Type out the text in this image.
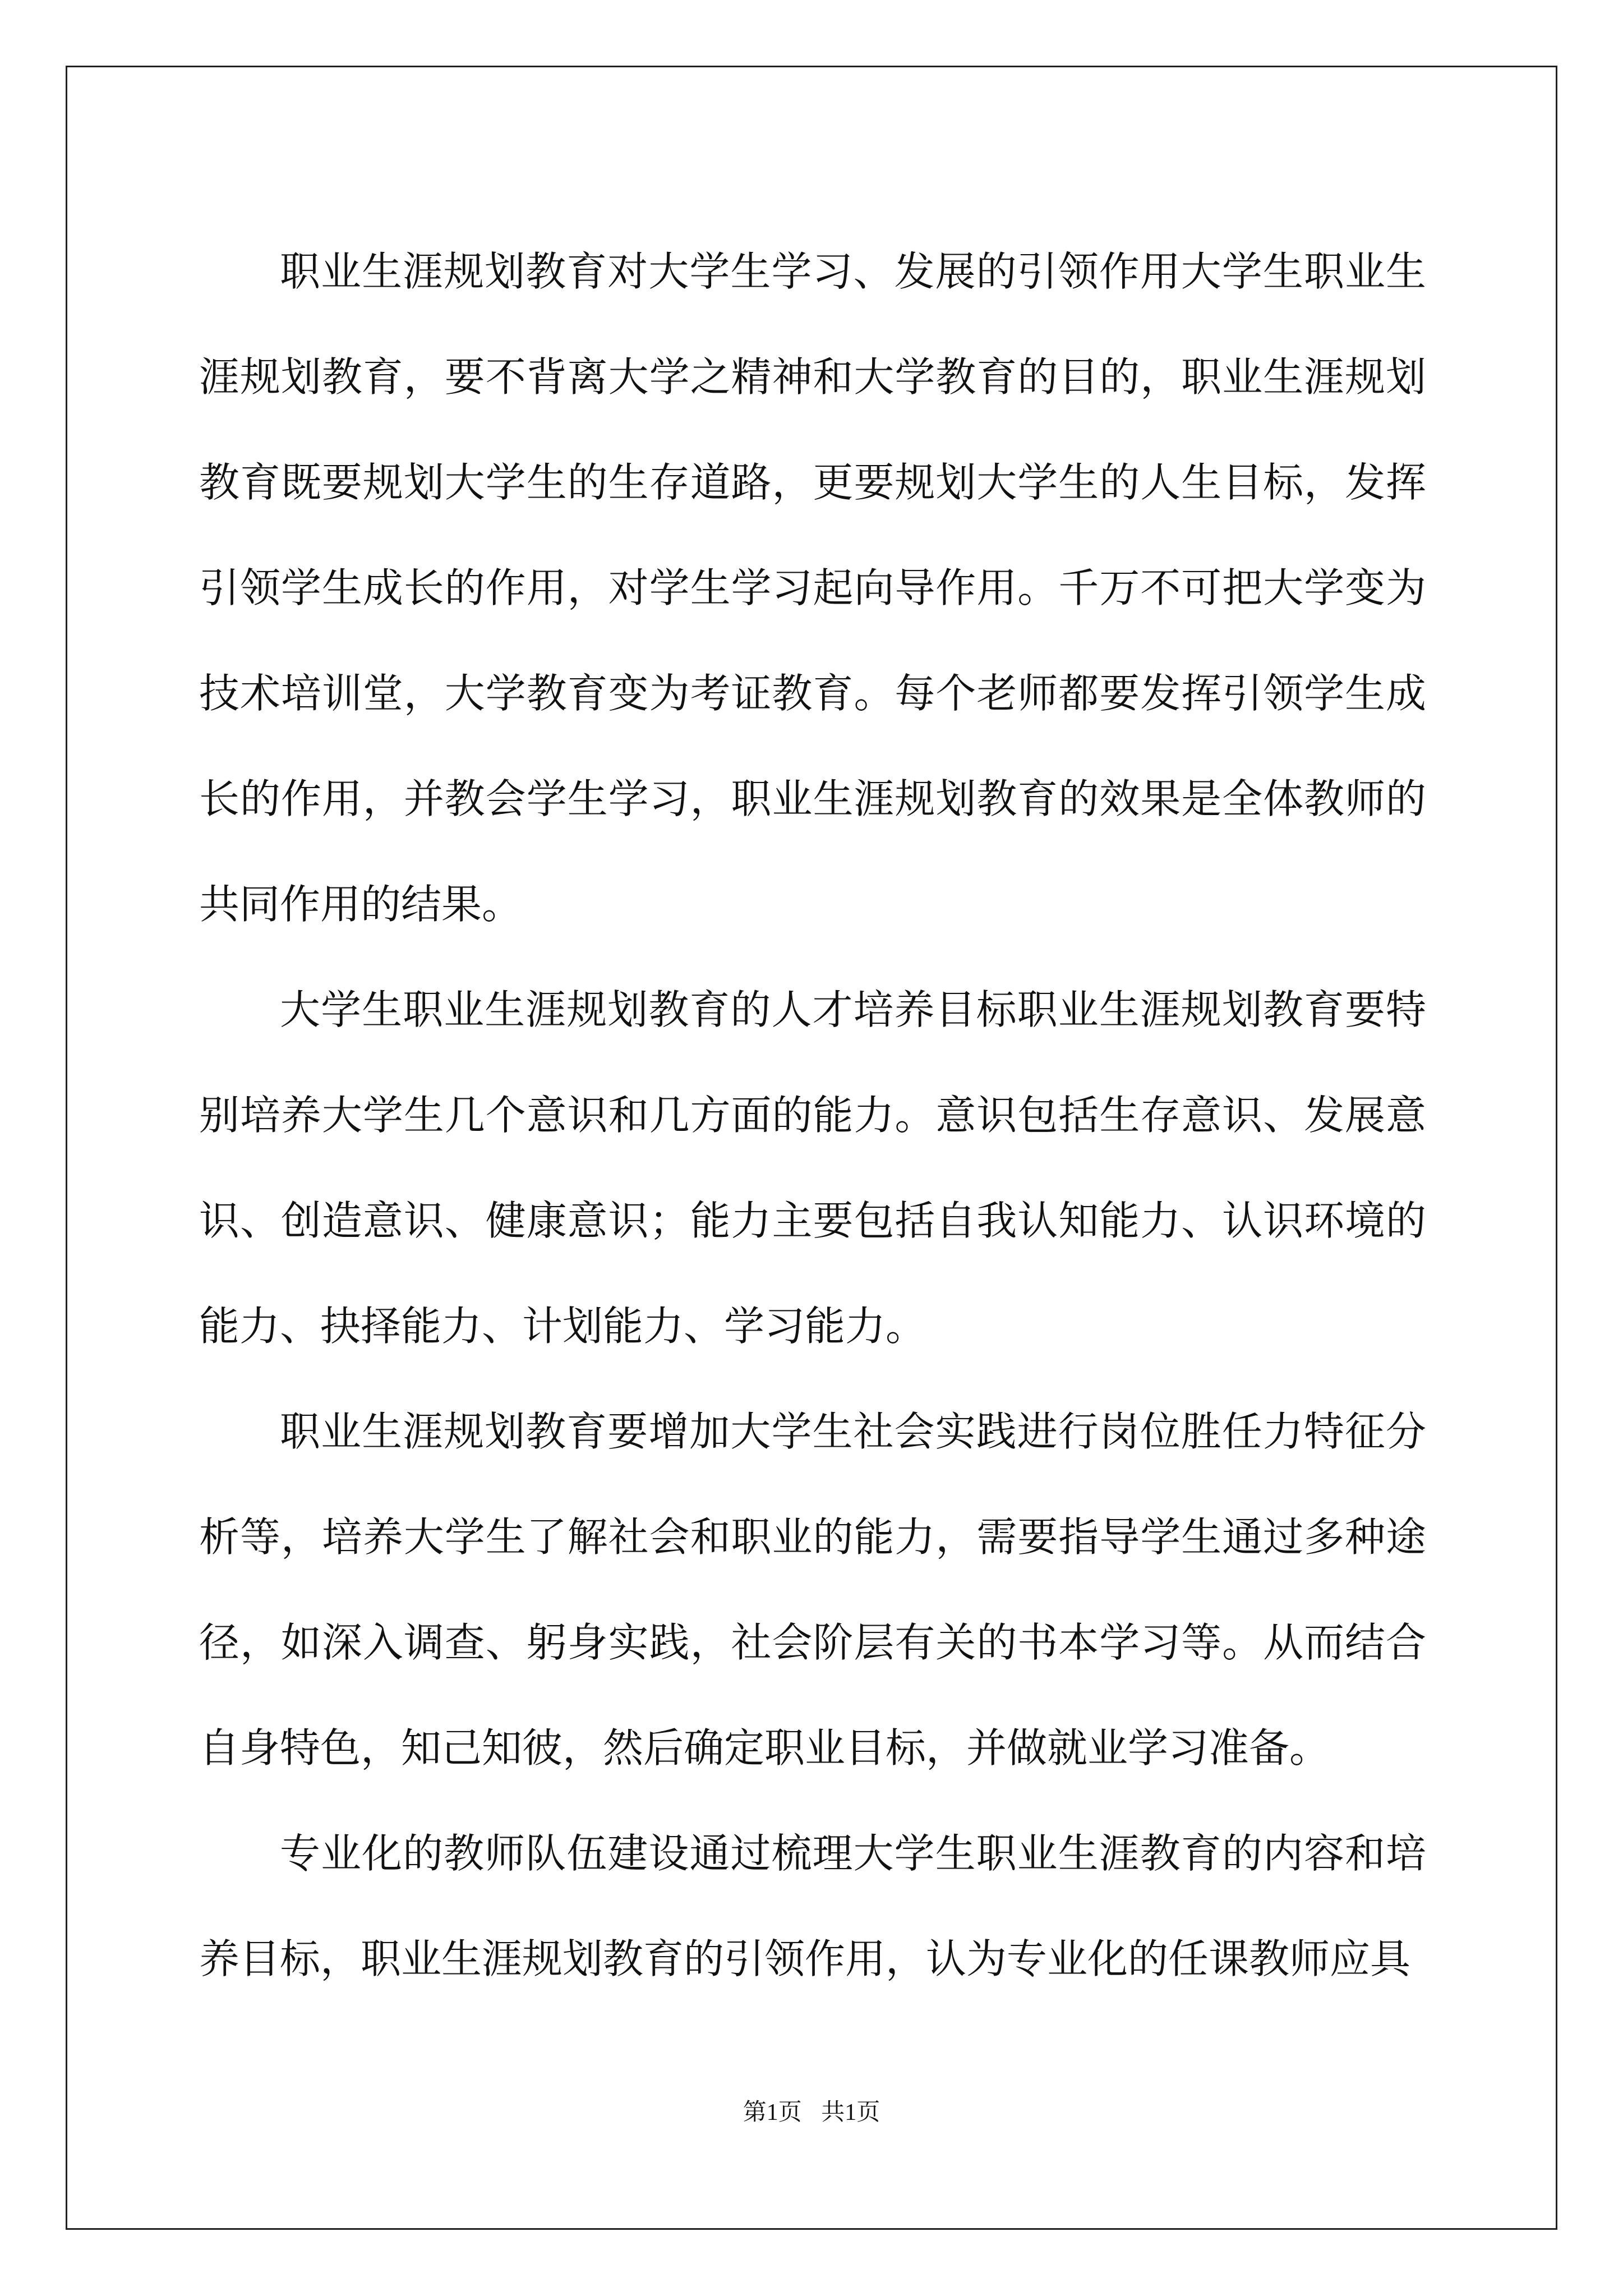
职业生涯规划教育对大学生学习、发展的引领作用大学生职业生涯规划教育，要不背离大学之精神和大学教育的目的，职业生涯规划教育既要规划大学生的生存道路，更要规划大学生的人生目标，发挥引领学生成长的作用，对学生学习起向导作用。千万不可把大学变为技术培训堂，大学教育变为考证教育。每个老师都要发挥引领学生成长的作用，并教会学生学习，职业生涯规划教育的效果是全体教师的共同作用的结果。

大学生职业生涯规划教育的人才培养目标职业生涯规划教育要特别培养大学生几个意识和几方面的能力。意识包括生存意识、发展意识、创造意识、健康意识；能力主要包括自我认知能力、认识环境的能力、抉择能力、计划能力、学习能力。

职业生涯规划教育要增加大学生社会实践进行岗位胜任力特征分析等，培养大学生了解社会和职业的能力，需要指导学生通过多种途径，如深入调查、躬身实践，社会阶层有关的书本学习等。从而结合自身特色，知己知彼，然后确定职业目标，并做就业学习准备。

专业化的教师队伍建设通过梳理大学生职业生涯教育的内容和培养目标，职业生涯规划教育的引领作用，认为专业化的任课教师应具

第1页 共1页
